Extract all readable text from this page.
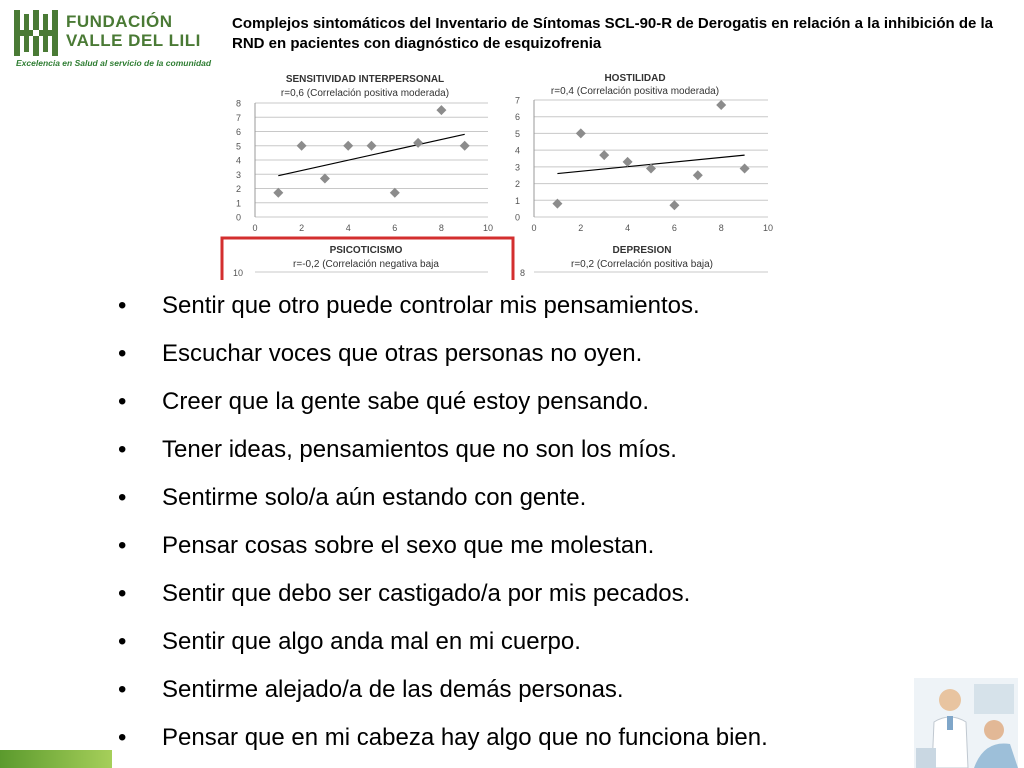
FUNDACIÓN
VALLE DEL LILI
Excelencia en Salud al servicio de la comunidad
Complejos sintomáticos del Inventario de Síntomas SCL-90-R de Derogatis en relación a la inhibición de la RND en pacientes con diagnóstico de esquizofrenia
SENSITIVIDAD INTERPERSONAL
r=0,6 (Correlación positiva moderada)
0
1
2
3
4
5
6
7
8
0	2	4	6	8	10
HOSTILIDAD
r=0,4 (Correlación positiva moderada)
0
1
2
3
4
5
6
7
0	2	4	6	8	10
PSICOTICISMO
r=-0,2 (Correlación negativa baja
10
DEPRESION
r=0,2 (Correlación positiva baja)
8
• Sentir que otro puede controlar mis pensamientos.
• Escuchar voces que otras personas no oyen.
• Creer que la gente sabe qué estoy pensando.
• Tener ideas, pensamientos que no son los míos.
• Sentirme solo/a aún estando con gente.
• Pensar cosas sobre el sexo que me molestan.
• Sentir que debo ser castigado/a por mis pecados.
• Sentir que algo anda mal en mi cuerpo.
• Sentirme alejado/a de las demás personas.
• Pensar que en mi cabeza hay algo que no funciona bien.
